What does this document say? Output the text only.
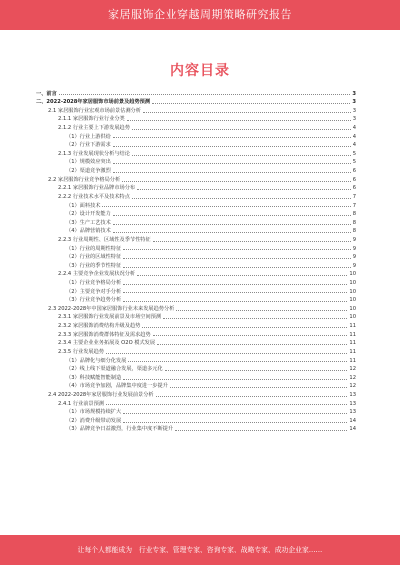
家居服饰企业穿越周期策略研究报告
内容目录
一、前言	3
二、2022-2028年家居服饰市场前景及趋势预测	3
2.1 家居服饰行业宏观市场前景估测分析	3
2.1.1 家居服饰行业行业分类	3
2.1.2 行业主要上下游发展趋势	4
（1）行业上游供给	4
（2）行业下游需求	4
2.1.3 行业发展现状分析与结论	5
（1）规模效应突出	5
（2）渠道竞争激烈	6
2.2 家居服饰行业竞争格局分析	6
2.2.1 家居服饰行业品牌市场分布	6
2.2.2 行业技术水平及技术特点	7
（1）面料技术	7
（2）设计开发能力	8
（3）生产工艺技术	8
（4）品牌营销技术	8
2.2.3 行业周期性、区域性及季节性特征	9
（1）行业的周期性特征	9
（2）行业的区域性特征	9
（3）行业的季节性特征	9
2.2.4 主要竞争企业发展状况分析	10
（1）行业竞争格局分析	10
（2）主要竞争对手分析	10
（3）行业竞争趋势分析	10
2.3 2022-2028年中国家居服饰行业未来发展趋势分析	10
2.3.1 家居服饰行业发展前景及市场空间预测	10
2.3.2 家居服饰消费结构升级及趋势	11
2.3.3 家居服饰消费群体特征及需求趋势	11
2.3.4 主要企业业务拓展及 O2O 模式发展	11
2.3.5 行业发展趋势	11
（1）品牌化与细分化发展	11
（2）线上线下渠道融合发展，渠道多元化	12
（3）科技赋能智能制造	12
（4）市场竞争加剧，品牌集中度进一步提升	12
2.4 2022-2028年家居服饰行业发展前景分析	13
2.4.1 行业前景预测	13
（1）市场规模持续扩大	13
（2）消费升级带动发展	14
（3）品牌竞争日益激烈，行业集中度不断提升	14
让每个人都能成为　行业专家、管理专家、咨询专家、战略专家、成功企业家……
